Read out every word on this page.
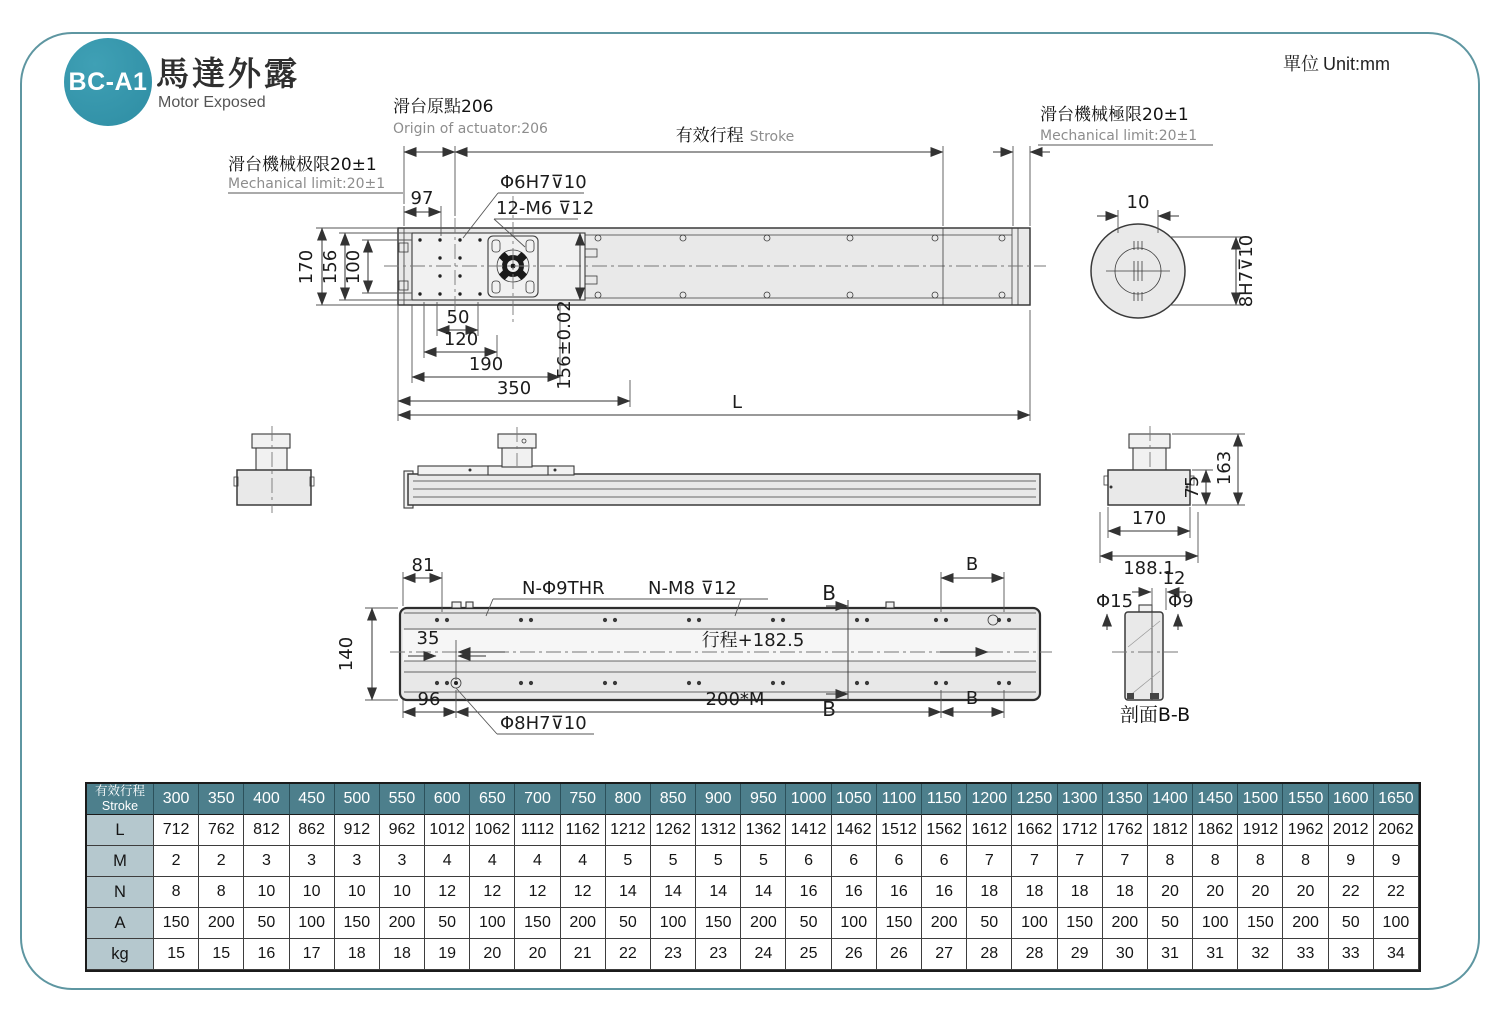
BC-A1 馬達外露
Motor Exposed
單位 Unit:mm
170 156 100
97
滑台原點206
Origin of actuator:206	有效行程 Stroke
滑台機械極限20±1
Mechanical limit:20±1
滑台機械极限20±1
Mechanical limit:20±1	Φ6H7⊽10
12-M6 ⊽12
50
120
190
350
L
156±0.02
10
8H7⊽10
75
163
170
188.1
B
B
81	B
N-Φ9THR N-M8 ⊽12
140	35	行程+182.5
96	200*M	B
Φ8H7⊽10
Φ15
12
Φ9
剖面B-B
有效行程
Stroke	300	350	400	450	500	550	600	650	700	750	800	850	900	950 1000 1050 1100 1150 1200 1250 1300 1350 1400 1450 1500 1550 1600 1650
L	712	762	812	862	912	962 1012 1062 1112 1162 1212 1262 1312 1362 1412 1462 1512 1562 1612 1662 1712 1762 1812 1862 1912 1962 2012 2062
M	2	2	3	3	3	3	4	4	4	4	5	5	5	5	6	6	6	6	7	7	7	7	8	8	8	8	9	9
N	8	8	10	10	10	10	12	12	12	12	14	14	14	14	16	16	16	16	18	18	18	18	20	20	20	20	22	22
A	150	200	50	100	150	200	50	100	150	200	50	100	150	200	50	100	150	200	50	100	150	200	50	100	150	200	50	100
kg	15	15	16	17	18	18	19	20	20	21	22	23	23	24	25	26	26	27	28	28	29	30	31	31	32	33	33	34
